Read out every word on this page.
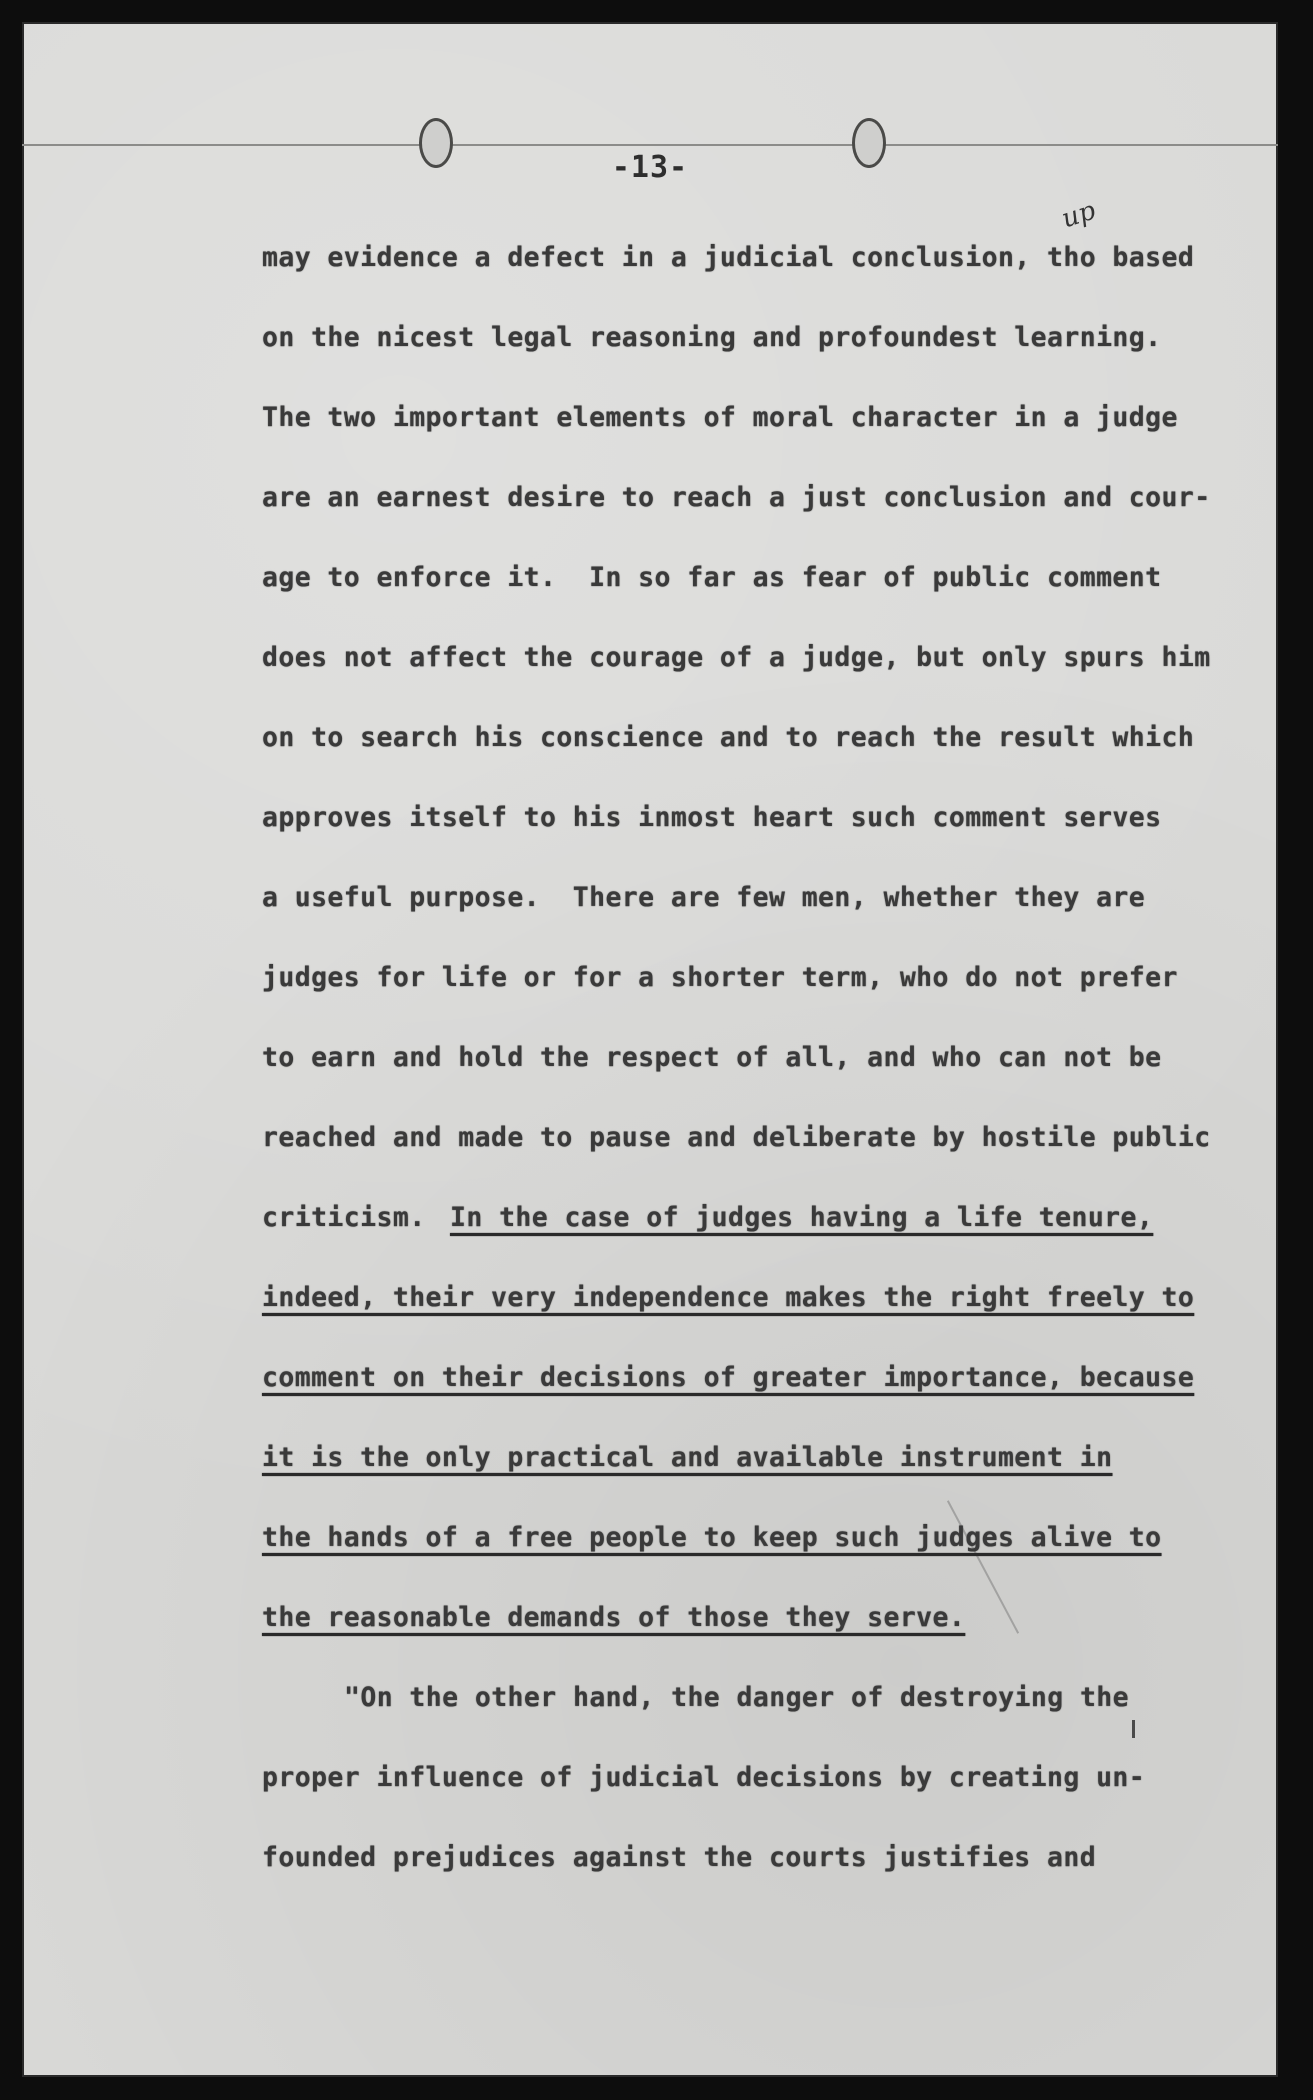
-13-
up
may evidence a defect in a judicial conclusion, tho based
on the nicest legal reasoning and profoundest learning.
The two important elements of moral character in a judge
are an earnest desire to reach a just conclusion and cour-
age to enforce it.  In so far as fear of public comment
does not affect the courage of a judge, but only spurs him
on to search his conscience and to reach the result which
approves itself to his inmost heart such comment serves
a useful purpose.  There are few men, whether they are
judges for life or for a shorter term, who do not prefer
to earn and hold the respect of all, and who can not be
reached and made to pause and deliberate by hostile public
criticism. In the case of judges having a life tenure,
indeed, their very independence makes the right freely to
comment on their decisions of greater importance, because
it is the only practical and available instrument in
the hands of a free people to keep such judges alive to
the reasonable demands of those they serve.
"On the other hand, the danger of destroying the
proper influence of judicial decisions by creating un-
founded prejudices against the courts justifies and
